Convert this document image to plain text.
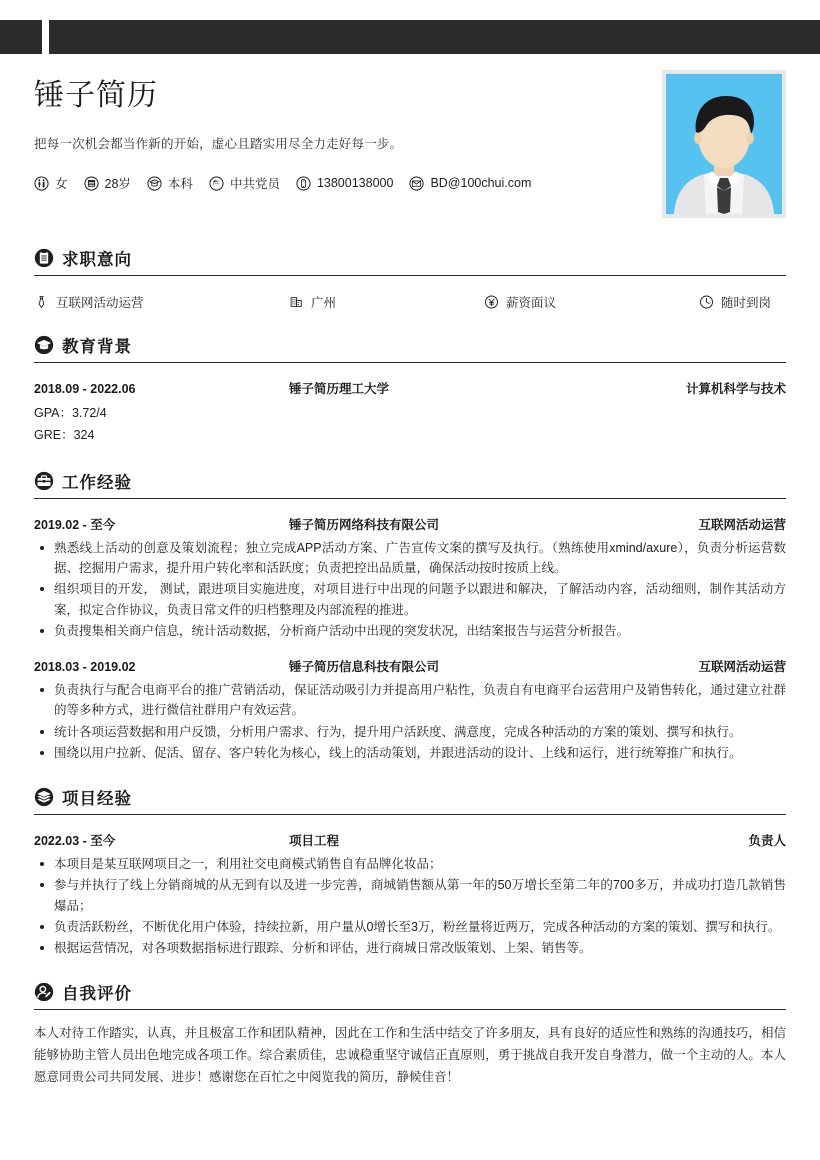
锤子简历
把每一次机会都当作新的开始，虚心且踏实用尽全力走好每一步。
女	28岁	本科	中共党员	13800138000	BD@100chui.com
求职意向
互联网活动运营	广州	薪资面议	随时到岗
教育背景
2018.09 - 2022.06	锤子简历理工大学	计算机科学与技术
GPA：3.72/4
GRE：324
工作经验
2019.02 - 至今	锤子简历网络科技有限公司	互联网活动运营
熟悉线上活动的创意及策划流程；独立完成APP活动方案、广告宣传文案的撰写及执行。（熟练使用xmind/axure），负责分析运营数据、挖掘用户需求，提升用户转化率和活跃度；负责把控出品质量，确保活动按时按质上线。
组织项目的开发， 测试，跟进项目实施进度，对项目进行中出现的问题予以跟进和解决，了解活动内容，活动细则，制作其活动方案，拟定合作协议，负责日常文件的归档整理及内部流程的推进。
负责搜集相关商户信息，统计活动数据，分析商户活动中出现的突发状况，出结案报告与运营分析报告。
2018.03 - 2019.02	锤子简历信息科技有限公司	互联网活动运营
负责执行与配合电商平台的推广营销活动，保证活动吸引力并提高用户粘性，负责自有电商平台运营用户及销售转化，通过建立社群的等多种方式，进行微信社群用户有效运营。
统计各项运营数据和用户反馈，分析用户需求、行为，提升用户活跃度、满意度，完成各种活动的方案的策划、撰写和执行。
围绕以用户拉新、促活、留存、客户转化为核心，线上的活动策划，并跟进活动的设计、上线和运行，进行统筹推广和执行。
项目经验
2022.03 - 至今	项目工程	负责人
本项目是某互联网项目之一，利用社交电商模式销售自有品牌化妆品；
参与并执行了线上分销商城的从无到有以及进一步完善，商城销售额从第一年的50万增长至第二年的700多万，并成功打造几款销售爆品；
负责活跃粉丝，不断优化用户体验，持续拉新，用户量从0增长至3万，粉丝量将近两万，完成各种活动的方案的策划、撰写和执行。
根据运营情况，对各项数据指标进行跟踪、分析和评估，进行商城日常改版策划、上架、销售等。
自我评价
本人对待工作踏实，认真，并且极富工作和团队精神，因此在工作和生活中结交了许多朋友，具有良好的适应性和熟练的沟通技巧，相信能够协助主管人员出色地完成各项工作。综合素质佳，忠诚稳重坚守诚信正直原则，勇于挑战自我开发自身潜力，做一个主动的人。本人愿意同贵公司共同发展、进步！感谢您在百忙之中阅览我的简历，静候佳音！
